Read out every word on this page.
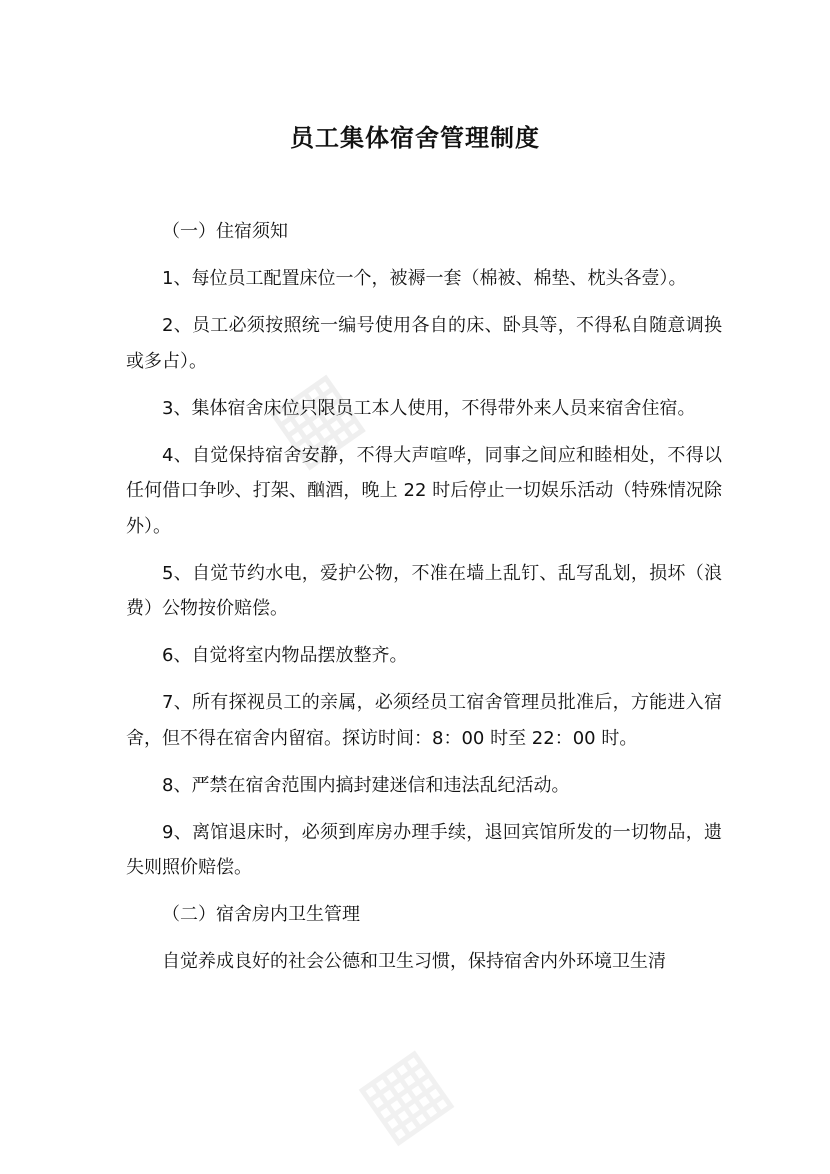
▦
▦
员工集体宿舍管理制度

（一）住宿须知

1、每位员工配置床位一个，被褥一套（棉被、棉垫、枕头各壹）。

2、员工必须按照统一编号使用各自的床、卧具等，不得私自随意调换或多占）。

3、集体宿舍床位只限员工本人使用，不得带外来人员来宿舍住宿。

4、自觉保持宿舍安静，不得大声喧哗，同事之间应和睦相处，不得以任何借口争吵、打架、酗酒，晚上 22 时后停止一切娱乐活动（特殊情况除外）。

5、自觉节约水电，爱护公物，不准在墙上乱钉、乱写乱划，损坏（浪费）公物按价赔偿。

6、自觉将室内物品摆放整齐。

7、所有探视员工的亲属，必须经员工宿舍管理员批准后，方能进入宿舍，但不得在宿舍内留宿。探访时间：8：00 时至 22：00 时。

8、严禁在宿舍范围内搞封建迷信和违法乱纪活动。

9、离馆退床时，必须到库房办理手续，退回宾馆所发的一切物品，遗失则照价赔偿。

（二）宿舍房内卫生管理

自觉养成良好的社会公德和卫生习惯，保持宿舍内外环境卫生清
